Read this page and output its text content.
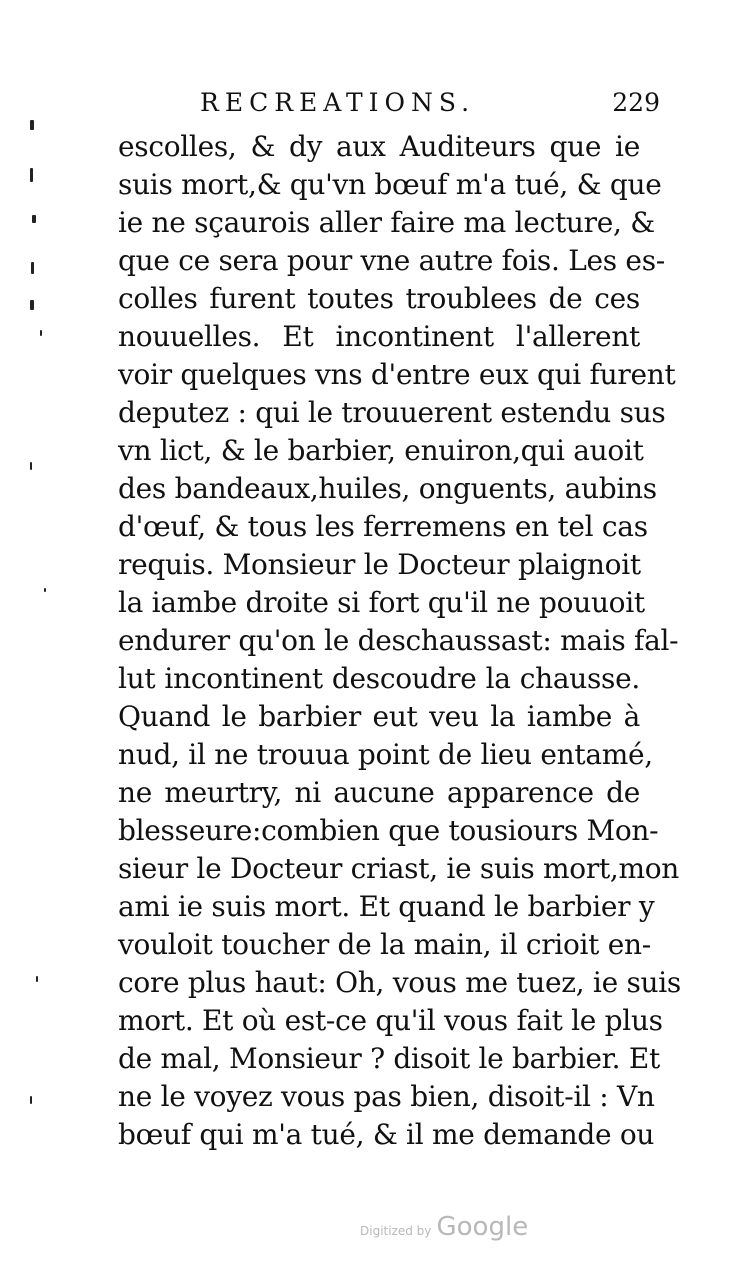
RECREATIONS.	229
escolles, & dy aux Auditeurs que ie
suis mort,& qu'vn bœuf m'a tué, & que
ie ne sçaurois aller faire ma lecture, &
que ce sera pour vne autre fois. Les es-
colles furent toutes troublees de ces
nouuelles. Et incontinent l'allerent
voir quelques vns d'entre eux qui furent
deputez : qui le trouuerent estendu sus
vn lict, & le barbier, enuiron,qui auoit
des bandeaux,huiles, onguents, aubins
d'œuf, & tous les ferremens en tel cas
requis. Monsieur le Docteur plaignoit
la iambe droite si fort qu'il ne pouuoit
endurer qu'on le deschaussast: mais fal-
lut incontinent descoudre la chausse.
Quand le barbier eut veu la iambe à
nud, il ne trouua point de lieu entamé,
ne meurtry, ni aucune apparence de
blesseure:combien que tousiours Mon-
sieur le Docteur criast, ie suis mort,mon
ami ie suis mort. Et quand le barbier y
vouloit toucher de la main, il crioit en-
core plus haut: Oh, vous me tuez, ie suis
mort. Et où est-ce qu'il vous fait le plus
de mal, Monsieur ? disoit le barbier. Et
ne le voyez vous pas bien, disoit-il : Vn
bœuf qui m'a tué, & il me demande ou
Digitized by Google
